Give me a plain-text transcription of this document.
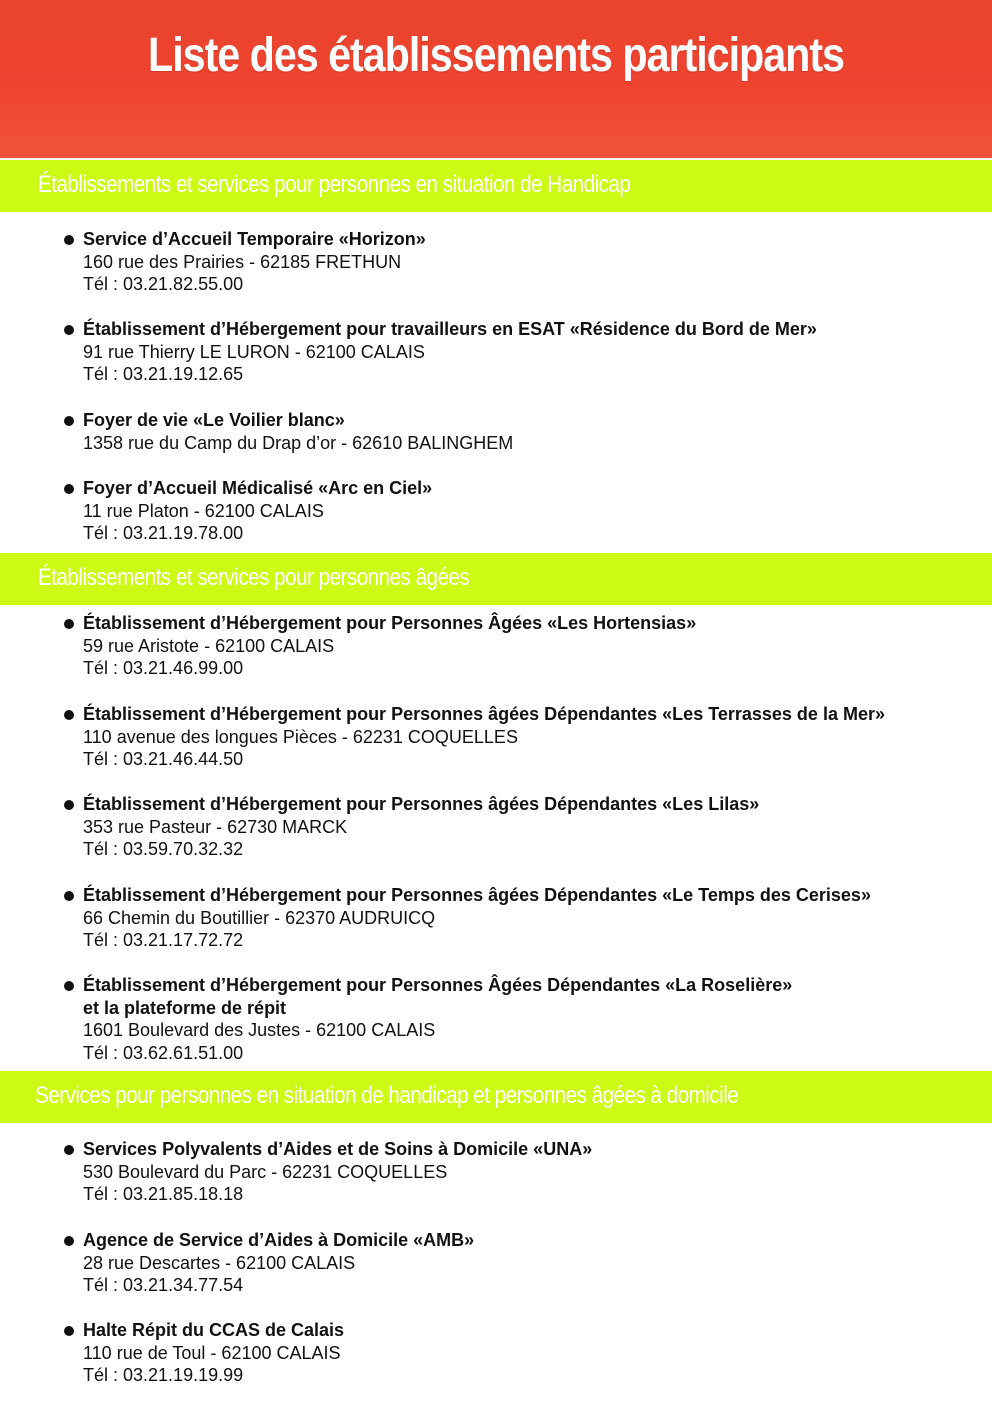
Liste des établissements participants
Établissements et services pour personnes en situation de Handicap
Service d’Accueil Temporaire «Horizon»
160 rue des Prairies - 62185 FRETHUN
Tél : 03.21.82.55.00
Établissement d’Hébergement pour travailleurs en ESAT «Résidence du Bord de Mer»
91 rue Thierry LE LURON - 62100 CALAIS
Tél : 03.21.19.12.65
Foyer de vie «Le Voilier blanc»
1358 rue du Camp du Drap d’or - 62610 BALINGHEM
Foyer d’Accueil Médicalisé «Arc en Ciel»
11 rue Platon - 62100 CALAIS
Tél : 03.21.19.78.00
Établissements et services pour personnes âgées
Établissement d’Hébergement pour Personnes Âgées «Les Hortensias»
59 rue Aristote - 62100 CALAIS
Tél : 03.21.46.99.00
Établissement d’Hébergement pour Personnes âgées Dépendantes «Les Terrasses de la Mer»
110 avenue des longues Pièces - 62231 COQUELLES
Tél : 03.21.46.44.50
Établissement d’Hébergement pour Personnes âgées Dépendantes «Les Lilas»
353 rue Pasteur - 62730 MARCK
Tél : 03.59.70.32.32
Établissement d’Hébergement pour Personnes âgées Dépendantes «Le Temps des Cerises»
66 Chemin du Boutillier - 62370 AUDRUICQ
Tél : 03.21.17.72.72
Établissement d’Hébergement pour Personnes Âgées Dépendantes «La Roselière»
et la plateforme de répit
1601 Boulevard des Justes - 62100 CALAIS
Tél : 03.62.61.51.00
Services pour personnes en situation de handicap et personnes âgées à domicile
Services Polyvalents d’Aides et de Soins à Domicile «UNA»
530 Boulevard du Parc - 62231 COQUELLES
Tél : 03.21.85.18.18
Agence de Service d’Aides à Domicile «AMB»
28 rue Descartes - 62100 CALAIS
Tél : 03.21.34.77.54
Halte Répit du CCAS de Calais
110 rue de Toul - 62100 CALAIS
Tél : 03.21.19.19.99
